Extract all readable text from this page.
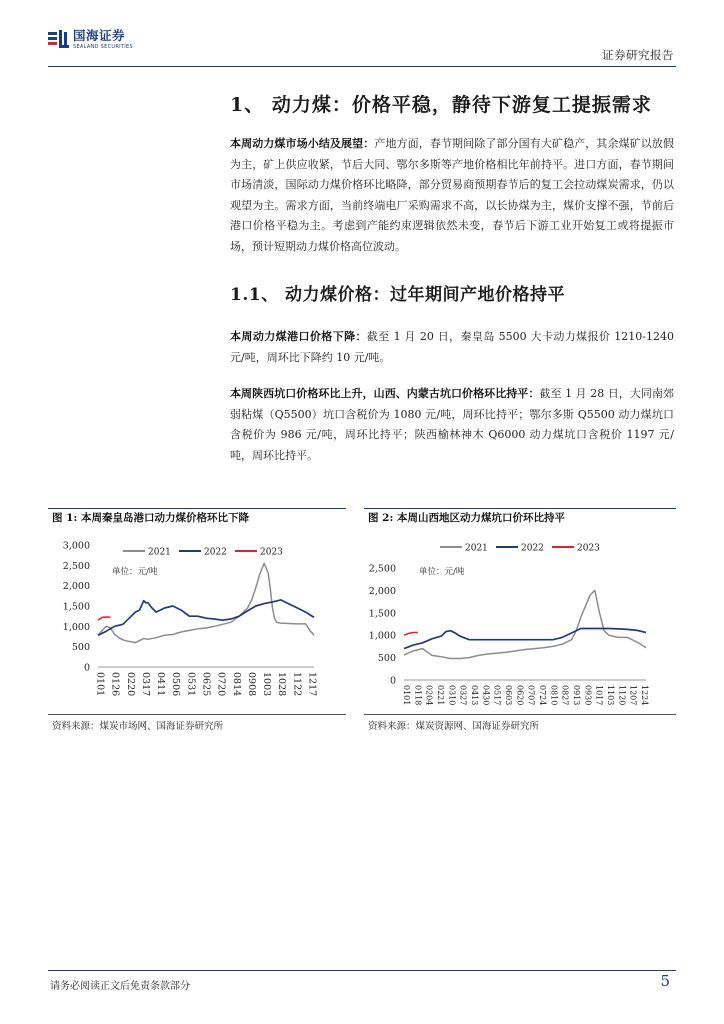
国海证券
SEALAND SECURITIES
证券研究报告
1、 动力煤：价格平稳，静待下游复工提振需求
本周动力煤市场小结及展望：产地方面，春节期间除了部分国有大矿稳产，其余煤矿以放假为主，矿上供应收紧，节后大同、鄂尔多斯等产地价格相比年前持平。进口方面，春节期间市场清淡，国际动力煤价格环比略降，部分贸易商预期春节后的复工会拉动煤炭需求，仍以观望为主。需求方面，当前终端电厂采购需求不高，以长协煤为主，煤价支撑不强，节前后港口价格平稳为主。考虑到产能约束逻辑依然未变，春节后下游工业开始复工或将提振市场，预计短期动力煤价格高位波动。
1.1、 动力煤价格：过年期间产地价格持平
本周动力煤港口价格下降：截至 1 月 20 日，秦皇岛 5500 大卡动力煤报价 1210-1240 元/吨，周环比下降约 10 元/吨。
本周陕西坑口价格环比上升，山西、内蒙古坑口价格环比持平：截至 1 月 28 日，大同南郊弱粘煤（Q5500）坑口含税价为 1080 元/吨，周环比持平；鄂尔多斯 Q5500 动力煤坑口含税价为 986 元/吨，周环比持平；陕西榆林神木 Q6000 动力煤坑口含税价 1197 元/吨，周环比持平。
图 1: 本周秦皇岛港口动力煤价格环比下降
0
500
1,000
1,500
2,000
2,500
3,000
0101 0126 0220 0317 0411 0506 0531 0625 0720 0814 0908 1003 1028 1122 1217
2021	2022	2023
单位：元/吨
资料来源：煤炭市场网、国海证券研究所
图 2: 本周山西地区动力煤坑口价环比持平
0
500
1,000
1,500
2,000
2,500
0101 0118 0204 0221 0310 0327 0413 0430 0517 0603 0620 0707 0724 0810 0827 0913 0930 1017 1103 1120 1207 1224
2021	2022	2023
单位：元/吨
资料来源：煤炭资源网、国海证券研究所
请务必阅读正文后免责条款部分	5
